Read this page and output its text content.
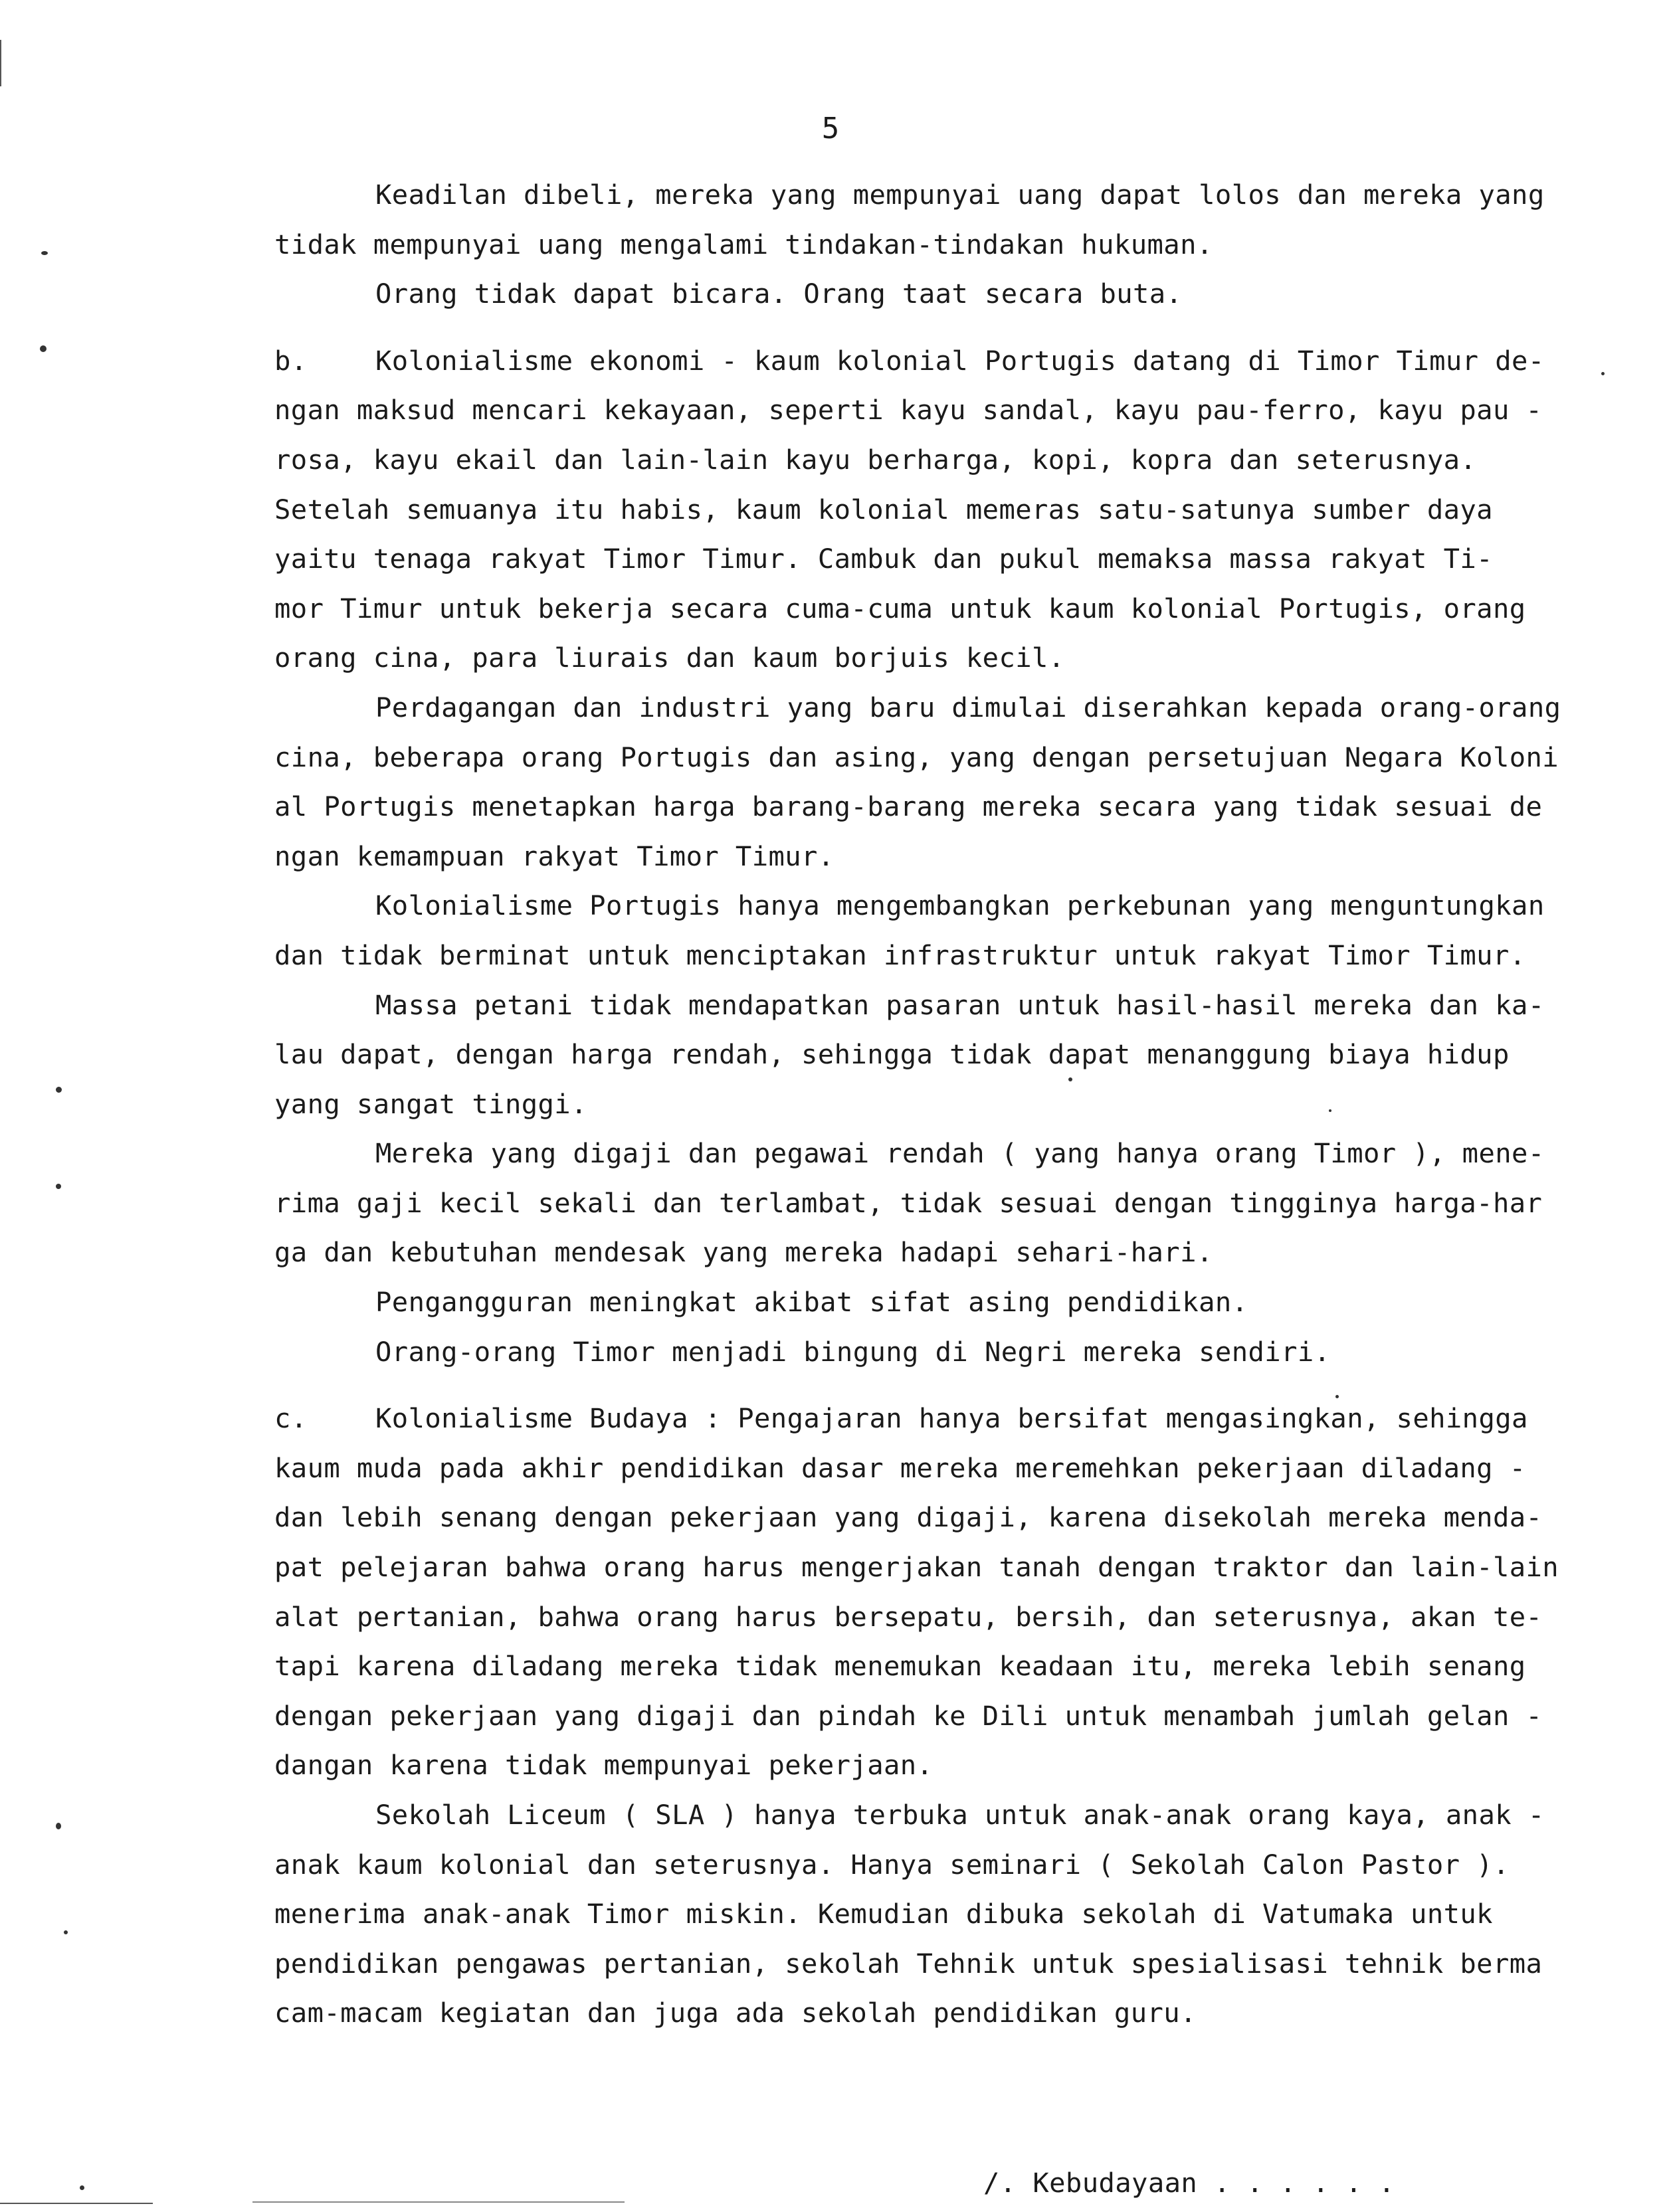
5
Keadilan dibeli, mereka yang mempunyai uang dapat lolos dan mereka yang
tidak mempunyai uang mengalami tindakan-tindakan hukuman.
Orang tidak dapat bicara. Orang taat secara buta.
b.	Kolonialisme ekonomi - kaum kolonial Portugis datang di Timor Timur de-
ngan maksud mencari kekayaan, seperti kayu sandal, kayu pau-ferro, kayu pau -
rosa, kayu ekail dan lain-lain kayu berharga, kopi, kopra dan seterusnya.
Setelah semuanya itu habis, kaum kolonial memeras satu-satunya sumber daya
yaitu tenaga rakyat Timor Timur. Cambuk dan pukul memaksa massa rakyat Ti-
mor Timur untuk bekerja secara cuma-cuma untuk kaum kolonial Portugis, orang
orang cina, para liurais dan kaum borjuis kecil.
Perdagangan dan industri yang baru dimulai diserahkan kepada orang-orang
cina, beberapa orang Portugis dan asing, yang dengan persetujuan Negara Koloni
al Portugis menetapkan harga barang-barang mereka secara yang tidak sesuai de
ngan kemampuan rakyat Timor Timur.
Kolonialisme Portugis hanya mengembangkan perkebunan yang menguntungkan
dan tidak berminat untuk menciptakan infrastruktur untuk rakyat Timor Timur.
Massa petani tidak mendapatkan pasaran untuk hasil-hasil mereka dan ka-
lau dapat, dengan harga rendah, sehingga tidak dapat menanggung biaya hidup
yang sangat tinggi.
Mereka yang digaji dan pegawai rendah ( yang hanya orang Timor ), mene-
rima gaji kecil sekali dan terlambat, tidak sesuai dengan tingginya harga-har
ga dan kebutuhan mendesak yang mereka hadapi sehari-hari.
Pengangguran meningkat akibat sifat asing pendidikan.
Orang-orang Timor menjadi bingung di Negri mereka sendiri.
c.	Kolonialisme Budaya : Pengajaran hanya bersifat mengasingkan, sehingga
kaum muda pada akhir pendidikan dasar mereka meremehkan pekerjaan diladang -
dan lebih senang dengan pekerjaan yang digaji, karena disekolah mereka menda-
pat pelejaran bahwa orang harus mengerjakan tanah dengan traktor dan lain-lain
alat pertanian, bahwa orang harus bersepatu, bersih, dan seterusnya, akan te-
tapi karena diladang mereka tidak menemukan keadaan itu, mereka lebih senang
dengan pekerjaan yang digaji dan pindah ke Dili untuk menambah jumlah gelan -
dangan karena tidak mempunyai pekerjaan.
Sekolah Liceum ( SLA ) hanya terbuka untuk anak-anak orang kaya, anak -
anak kaum kolonial dan seterusnya. Hanya seminari ( Sekolah Calon Pastor ).
menerima anak-anak Timor miskin. Kemudian dibuka sekolah di Vatumaka untuk
pendidikan pengawas pertanian, sekolah Tehnik untuk spesialisasi tehnik berma
cam-macam kegiatan dan juga ada sekolah pendidikan guru.
/. Kebudayaan . . . . . .
